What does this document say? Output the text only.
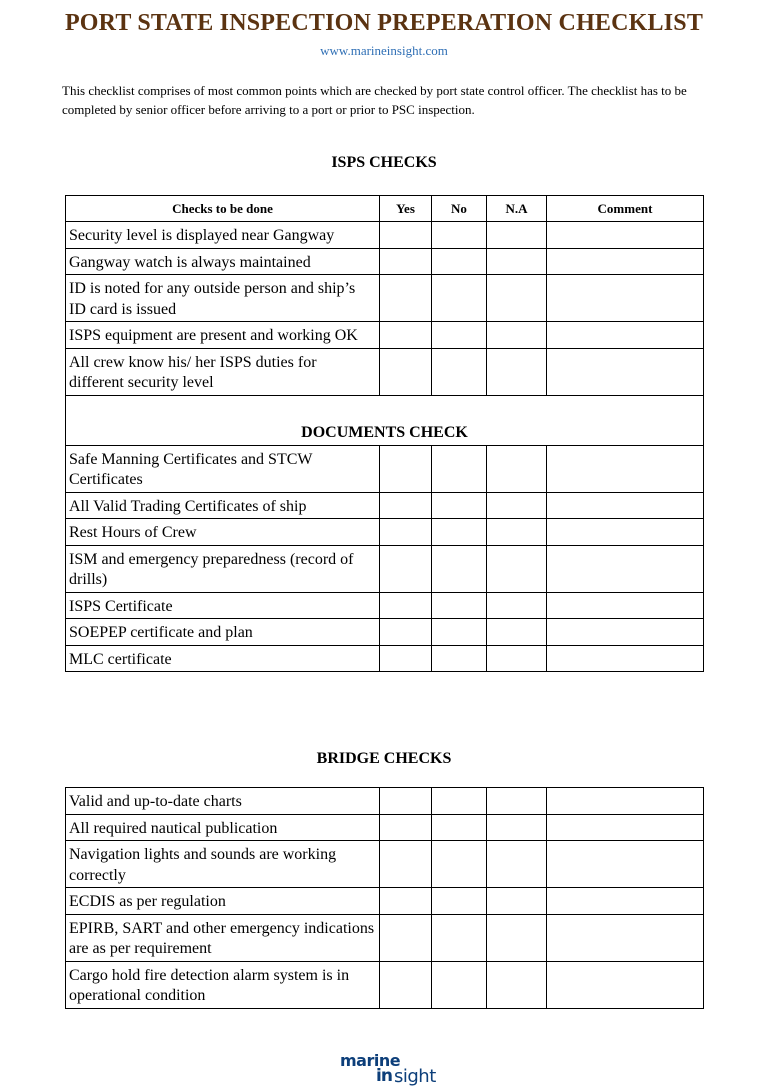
PORT STATE INSPECTION PREPERATION CHECKLIST
www.marineinsight.com
This checklist comprises of most common points which are checked by port state control officer. The checklist has to be completed by senior officer before arriving to a port or prior to PSC inspection.
ISPS CHECKS
Checks to be done	Yes	No	N.A	Comment
Security level is displayed near Gangway				
Gangway watch is always maintained				
ID is noted for any outside person and ship’s ID card is issued				
ISPS equipment are present and working OK				
All crew know his/ her ISPS duties for different security level				
DOCUMENTS CHECK				
Safe Manning Certificates and STCW Certificates				
All Valid Trading Certificates of ship				
Rest Hours of Crew				
ISM and emergency preparedness (record of drills)				
ISPS Certificate				
SOEPEP certificate and plan				
MLC certificate				
BRIDGE CHECKS
Valid and up-to-date charts				
All required nautical publication				
Navigation lights and sounds are working correctly				
ECDIS as per regulation				
EPIRB, SART and other emergency indications are as per requirement				
Cargo hold fire detection alarm system is in operational condition				
marine
in sight
